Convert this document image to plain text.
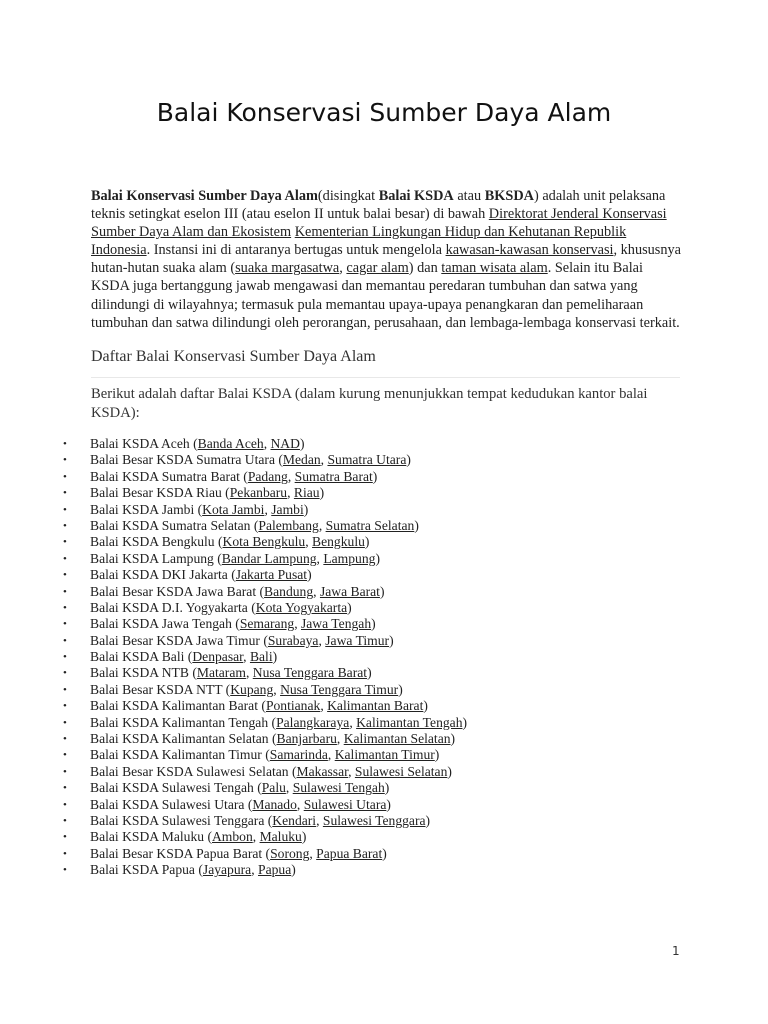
Balai Konservasi Sumber Daya Alam

Balai Konservasi Sumber Daya Alam(disingkat Balai KSDA atau BKSDA) adalah unit pelaksana teknis setingkat eselon III (atau eselon II untuk balai besar) di bawah Direktorat Jenderal Konservasi Sumber Daya Alam dan Ekosistem Kementerian Lingkungan Hidup dan Kehutanan Republik Indonesia. Instansi ini di antaranya bertugas untuk mengelola kawasan-kawasan konservasi, khususnya hutan-hutan suaka alam (suaka margasatwa, cagar alam) dan taman wisata alam. Selain itu Balai KSDA juga bertanggung jawab mengawasi dan memantau peredaran tumbuhan dan satwa yang dilindungi di wilayahnya; termasuk pula memantau upaya-upaya penangkaran dan pemeliharaan tumbuhan dan satwa dilindungi oleh perorangan, perusahaan, dan lembaga-lembaga konservasi terkait.

Daftar Balai Konservasi Sumber Daya Alam

Berikut adalah daftar Balai KSDA (dalam kurung menunjukkan tempat kedudukan kantor balai KSDA):

• Balai KSDA Aceh (Banda Aceh, NAD)
• Balai Besar KSDA Sumatra Utara (Medan, Sumatra Utara)
• Balai KSDA Sumatra Barat (Padang, Sumatra Barat)
• Balai Besar KSDA Riau (Pekanbaru, Riau)
• Balai KSDA Jambi (Kota Jambi, Jambi)
• Balai KSDA Sumatra Selatan (Palembang, Sumatra Selatan)
• Balai KSDA Bengkulu (Kota Bengkulu, Bengkulu)
• Balai KSDA Lampung (Bandar Lampung, Lampung)
• Balai KSDA DKI Jakarta (Jakarta Pusat)
• Balai Besar KSDA Jawa Barat (Bandung, Jawa Barat)
• Balai KSDA D.I. Yogyakarta (Kota Yogyakarta)
• Balai KSDA Jawa Tengah (Semarang, Jawa Tengah)
• Balai Besar KSDA Jawa Timur (Surabaya, Jawa Timur)
• Balai KSDA Bali (Denpasar, Bali)
• Balai KSDA NTB (Mataram, Nusa Tenggara Barat)
• Balai Besar KSDA NTT (Kupang, Nusa Tenggara Timur)
• Balai KSDA Kalimantan Barat (Pontianak, Kalimantan Barat)
• Balai KSDA Kalimantan Tengah (Palangkaraya, Kalimantan Tengah)
• Balai KSDA Kalimantan Selatan (Banjarbaru, Kalimantan Selatan)
• Balai KSDA Kalimantan Timur (Samarinda, Kalimantan Timur)
• Balai Besar KSDA Sulawesi Selatan (Makassar, Sulawesi Selatan)
• Balai KSDA Sulawesi Tengah (Palu, Sulawesi Tengah)
• Balai KSDA Sulawesi Utara (Manado, Sulawesi Utara)
• Balai KSDA Sulawesi Tenggara (Kendari, Sulawesi Tenggara)
• Balai KSDA Maluku (Ambon, Maluku)
• Balai Besar KSDA Papua Barat (Sorong, Papua Barat)
• Balai KSDA Papua (Jayapura, Papua)
1
